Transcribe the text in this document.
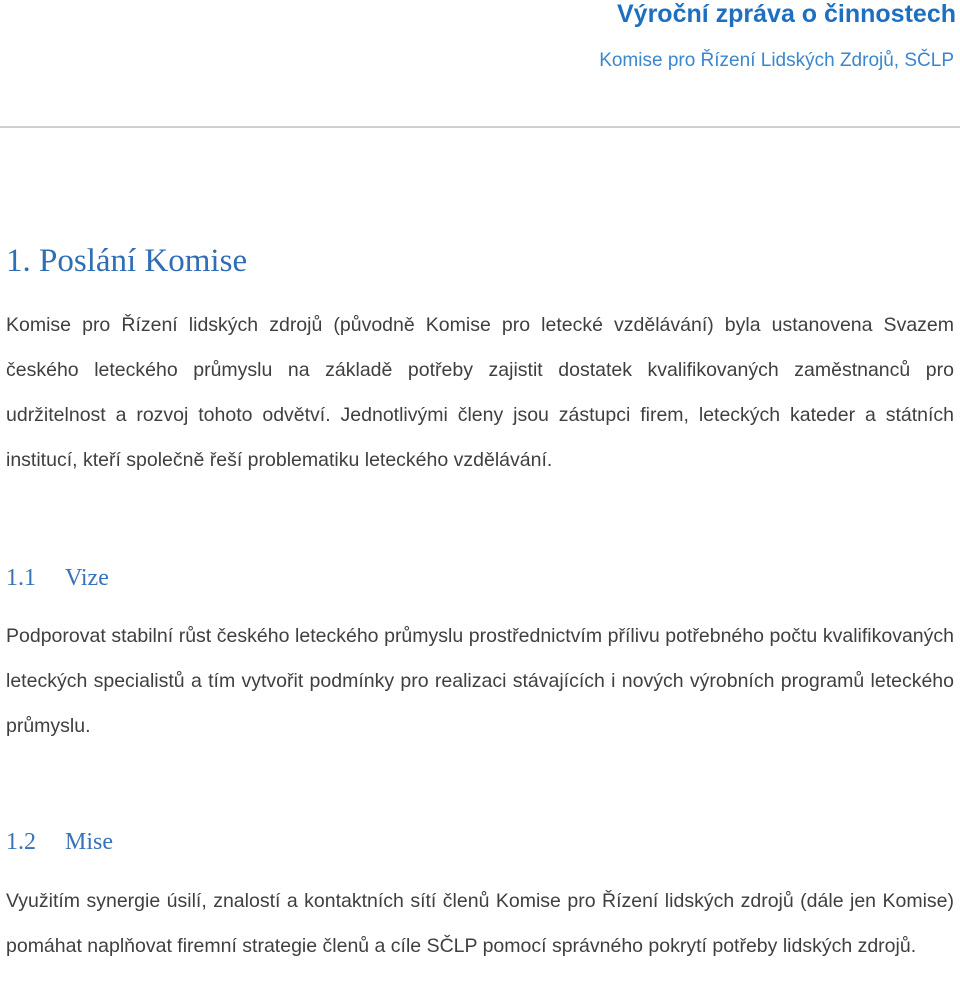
Výroční zpráva o činnostech
Komise pro Řízení Lidských Zdrojů, SČLP
1. Poslání Komise

Komise pro Řízení lidských zdrojů (původně Komise pro letecké vzdělávání) byla ustanovena Svazem českého leteckého průmyslu na základě potřeby zajistit dostatek kvalifikovaných zaměstnanců pro udržitelnost a rozvoj tohoto odvětví. Jednotlivými členy jsou zástupci firem, leteckých kateder a státních institucí, kteří společně řeší problematiku leteckého vzdělávání.

1.1 Vize

Podporovat stabilní růst českého leteckého průmyslu prostřednictvím přílivu potřebného počtu kvalifikovaných leteckých specialistů a tím vytvořit podmínky pro realizaci stávajících i nových výrobních programů leteckého průmyslu.

1.2 Mise

Využitím synergie úsilí, znalostí a kontaktních sítí členů Komise pro Řízení lidských zdrojů (dále jen Komise) pomáhat naplňovat firemní strategie členů a cíle SČLP pomocí správného pokrytí potřeby lidských zdrojů.
